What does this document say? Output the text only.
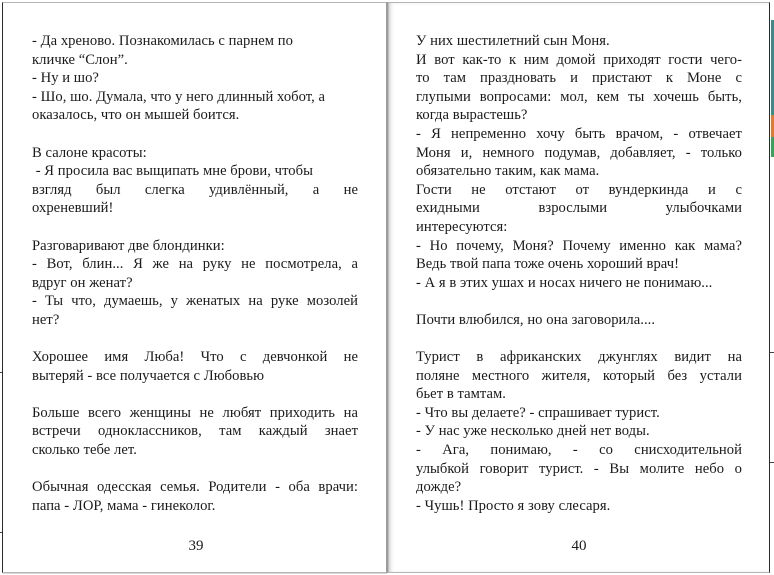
- Да хреново. Познакомилась с парнем по
кличке “Слон”.
- Ну и шо?
- Шо, шо. Думала, что у него длинный хобот, а
оказалось, что он мышей боится.

В салоне красоты:
- Я просила вас выщипать мне брови, чтобы
взгляд был слегка удивлённый, а не
охреневший!

Разговаривают две блондинки:
- Вот, блин... Я же на руку не посмотрела, а
вдруг он женат?
- Ты что, думаешь, у женатых на руке мозолей
нет?

Хорошее имя Люба! Что с девчонкой не
вытеряй - все получается с Любовью

Больше всего женщины не любят приходить на
встречи одноклассников, там каждый знает
сколько тебе лет.

Обычная одесская семья. Родители - оба врачи:
папа - ЛОР, мама - гинеколог.

39

У них шестилетний сын Моня.
И вот как-то к ним домой приходят гости чего-
то там праздновать и пристают к Моне с
глупыми вопросами: мол, кем ты хочешь быть,
когда вырастешь?
- Я непременно хочу быть врачом, - отвечает
Моня и, немного подумав, добавляет, - только
обязательно таким, как мама.
Гости не отстают от вундеркинда и с
ехидными взрослыми улыбочками
интересуются:
- Но почему, Моня? Почему именно как мама?
Ведь твой папа тоже очень хороший врач!
- А я в этих ушах и носах ничего не понимаю...

Почти влюбился, но она заговорила....

Турист в африканских джунглях видит на
поляне местного жителя, который без устали
бьет в тамтам.
- Что вы делаете? - спрашивает турист.
- У нас уже несколько дней нет воды.
- Ага, понимаю, - со снисходительной
улыбкой говорит турист. - Вы молите небо о
дожде?
- Чушь! Просто я зову слесаря.

40
